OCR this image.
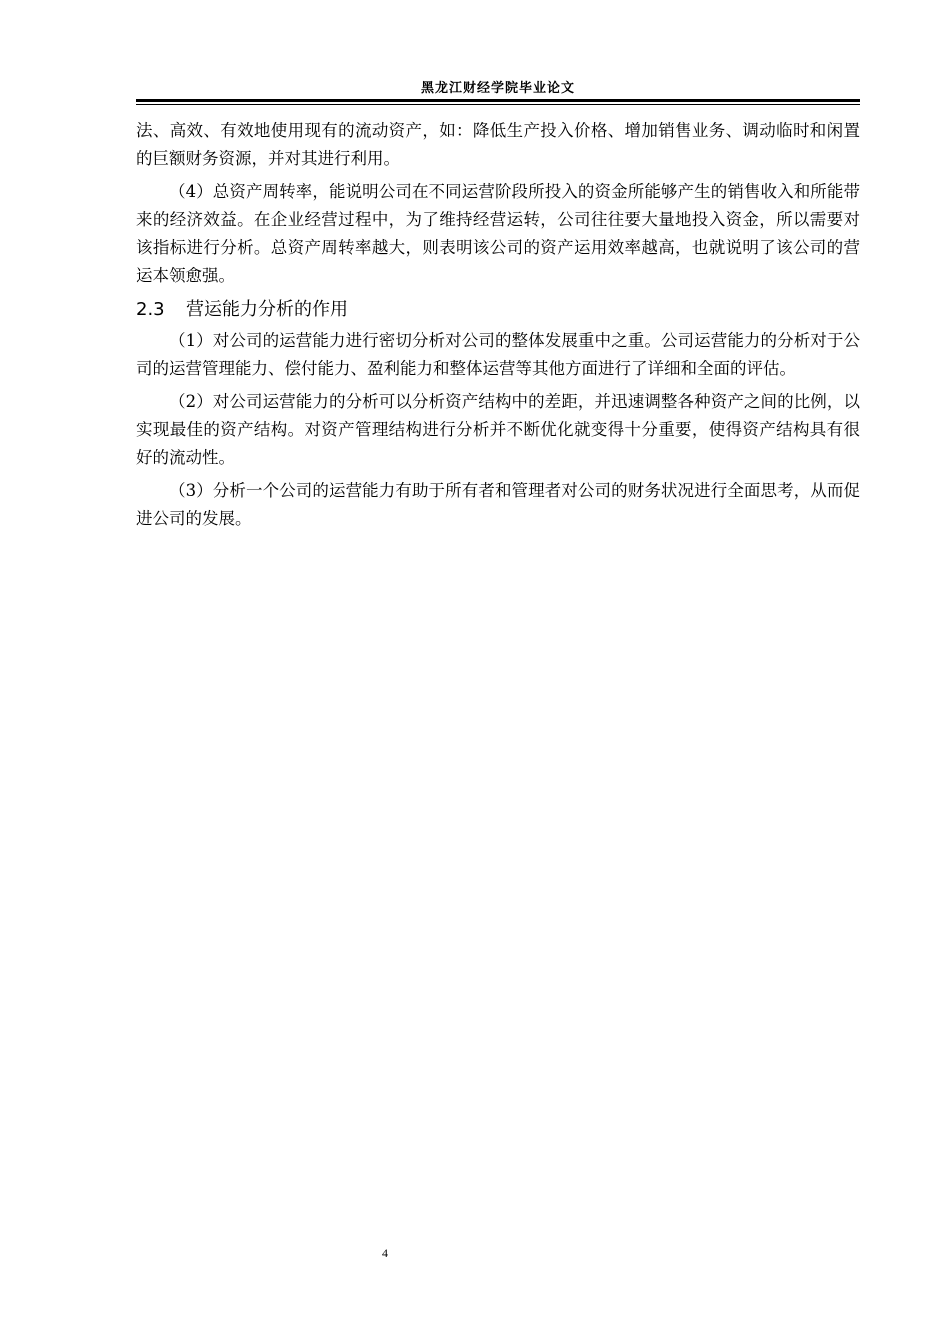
黑龙江财经学院毕业论文

法、高效、有效地使用现有的流动资产，如：降低生产投入价格、增加销售业务、调动临时和闲置的巨额财务资源，并对其进行利用。

（4）总资产周转率，能说明公司在不同运营阶段所投入的资金所能够产生的销售收入和所能带来的经济效益。在企业经营过程中，为了维持经营运转，公司往往要大量地投入资金，所以需要对该指标进行分析。总资产周转率越大，则表明该公司的资产运用效率越高，也就说明了该公司的营运本领愈强。

2.3 营运能力分析的作用

（1）对公司的运营能力进行密切分析对公司的整体发展重中之重。公司运营能力的分析对于公司的运营管理能力、偿付能力、盈利能力和整体运营等其他方面进行了详细和全面的评估。

（2）对公司运营能力的分析可以分析资产结构中的差距，并迅速调整各种资产之间的比例，以实现最佳的资产结构。对资产管理结构进行分析并不断优化就变得十分重要，使得资产结构具有很好的流动性。

（3）分析一个公司的运营能力有助于所有者和管理者对公司的财务状况进行全面思考，从而促进公司的发展。

4
